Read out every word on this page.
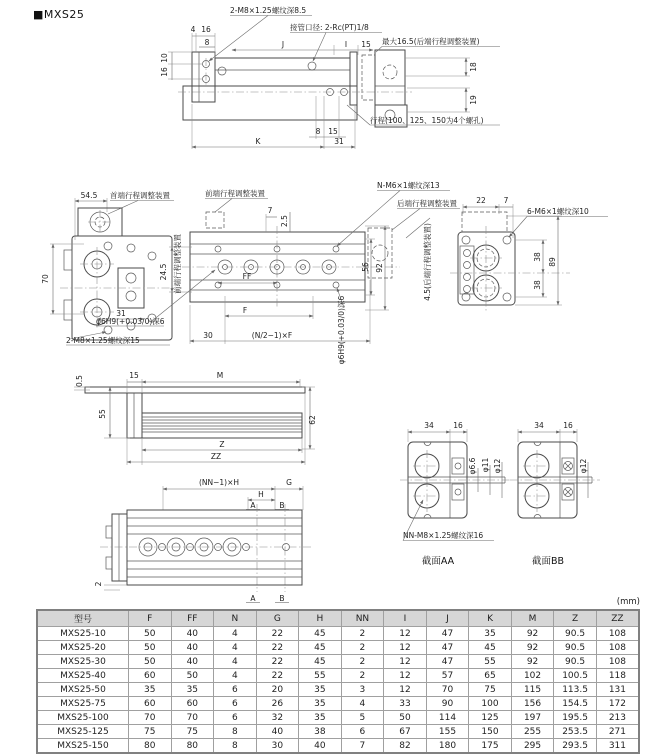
■MXS25
4 16
8
10
16
J	I 15 最大16.5(后端行程调整装置)
18
19
8 15
K	31
2-M8×1.25螺纹深8.5
接管口径: 2-Rc(PT)1/8
行程(100、125、150为4个螺孔)
54.5 首端行程调整装置
70
31
2-M8×1.25螺纹深15
7
2.5
24.5 前端行程调整装置	FF
F
30	(N/2−1)×F
56 92	4.5(后端行程调整装置)
前端行程调整装置
N-M6×1螺纹深13
后端行程调整装置
φ6H9(+0.03/0)深6	φ6H9(+0.03/0)深6
22 7
6-M6×1螺纹深10
38
38
89
0.5	15	M
55
62
Z
ZZ
(NN−1)×H	G
H
A	B
A	B
2
34	16
φ6.6 φ11 φ12
NN-M8×1.25螺纹深16
截面AA
34	16
φ12
截面BB
(mm)
型号	F	FF	N	G	H	NN	I	J	K	M	Z	ZZ
MXS25-10	50	40	4	22	45	2	12	47	35	92	90.5	108
MXS25-20	50	40	4	22	45	2	12	47	45	92	90.5	108
MXS25-30	50	40	4	22	45	2	12	47	55	92	90.5	108
MXS25-40	60	50	4	22	55	2	12	57	65	102	100.5	118
MXS25-50	35	35	6	20	35	3	12	70	75	115	113.5	131
MXS25-75	60	60	6	26	35	4	33	90	100	156	154.5	172
MXS25-100	70	70	6	32	35	5	50	114	125	197	195.5	213
MXS25-125	75	75	8	40	38	6	67	155	150	255	253.5	271
MXS25-150	80	80	8	30	40	7	82	180	175	295	293.5	311
